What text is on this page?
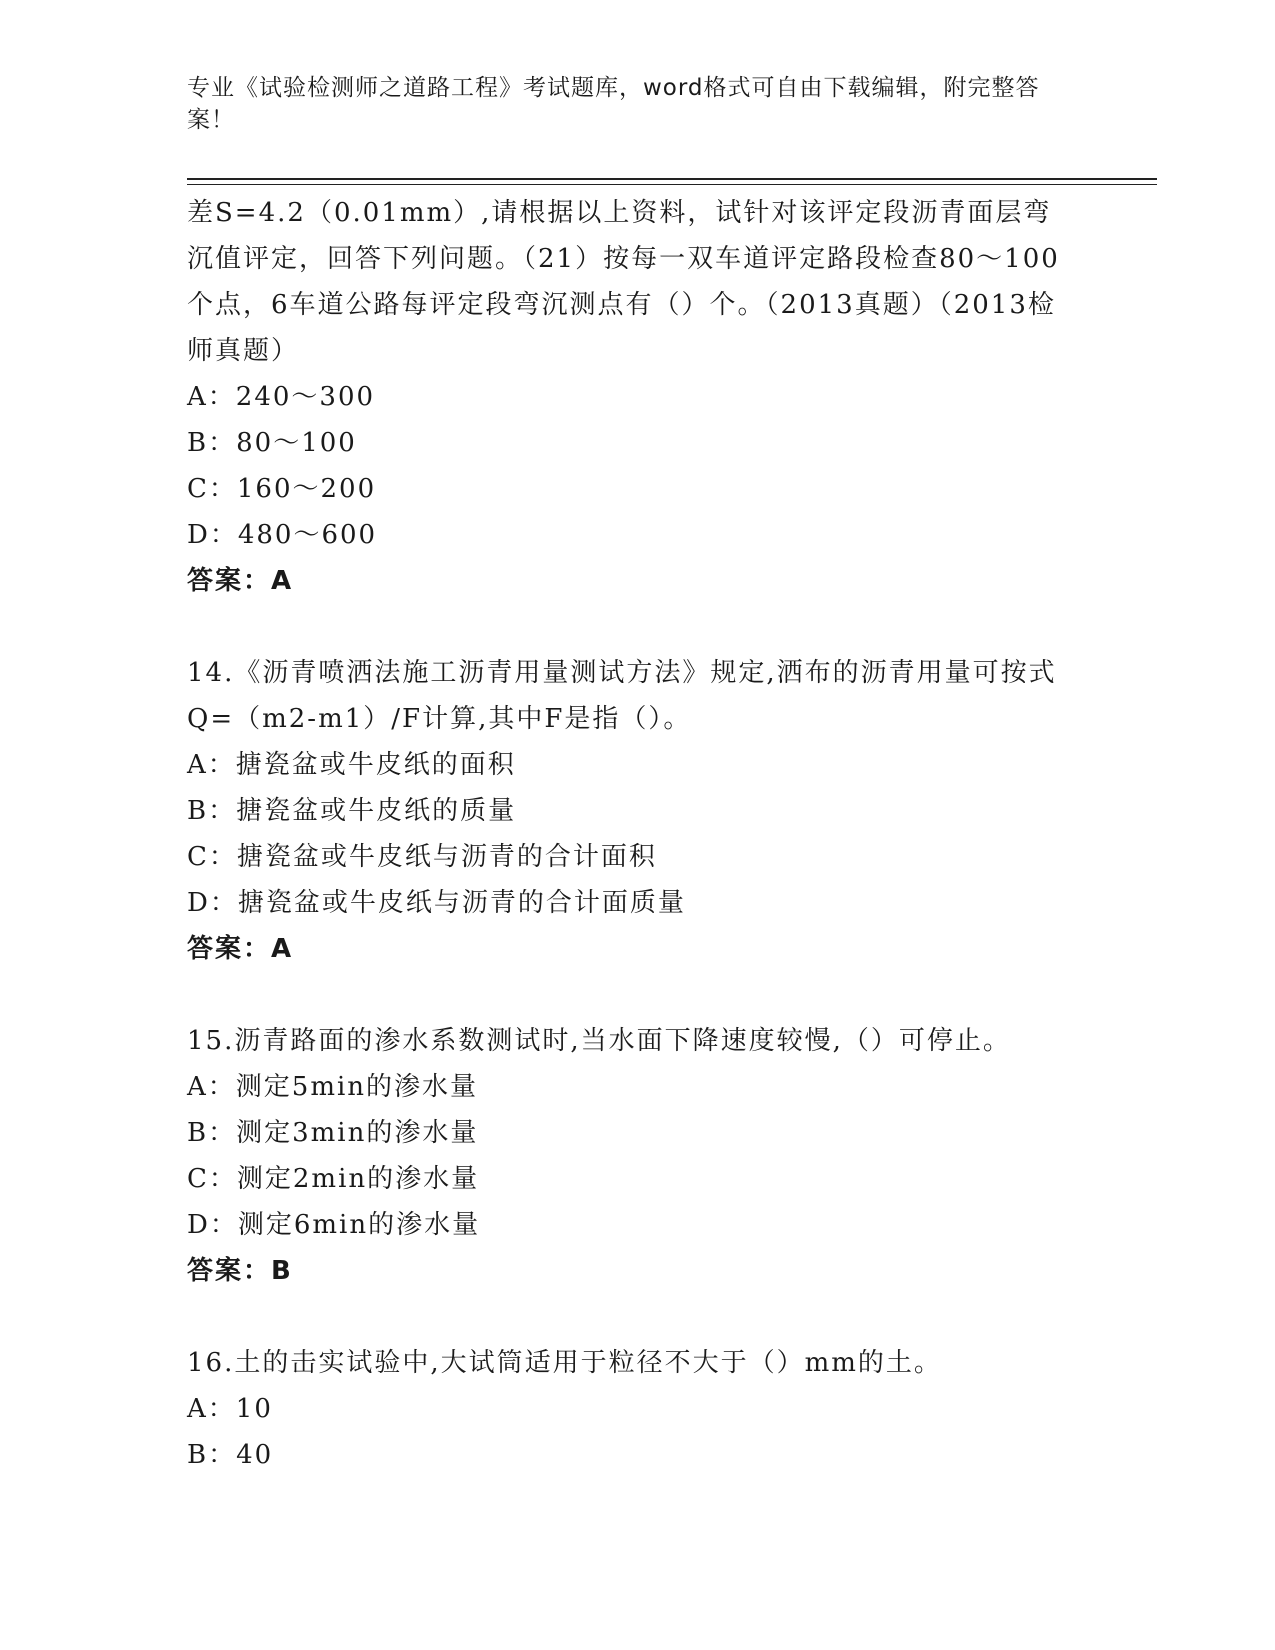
专业《试验检测师之道路工程》考试题库，word格式可自由下载编辑，附完整答案！

差S=4.2（0.01mm）,请根据以上资料，试针对该评定段沥青面层弯沉值评定，回答下列问题。（21）按每一双车道评定路段检查80～100个点，6车道公路每评定段弯沉测点有（）个。（2013真题）（2013检师真题）

A：240～300

B：80～100

C：160～200

D：480～600

答案：A

14.《沥青喷洒法施工沥青用量测试方法》规定,洒布的沥青用量可按式Q=（m2-m1）/F计算,其中F是指（）。

A：搪瓷盆或牛皮纸的面积

B：搪瓷盆或牛皮纸的质量

C：搪瓷盆或牛皮纸与沥青的合计面积

D：搪瓷盆或牛皮纸与沥青的合计面质量

答案：A

15.沥青路面的渗水系数测试时,当水面下降速度较慢,（）可停止。

A：测定5min的渗水量

B：测定3min的渗水量

C：测定2min的渗水量

D：测定6min的渗水量

答案：B

16.土的击实试验中,大试筒适用于粒径不大于（）mm的土。

A：10

B：40
